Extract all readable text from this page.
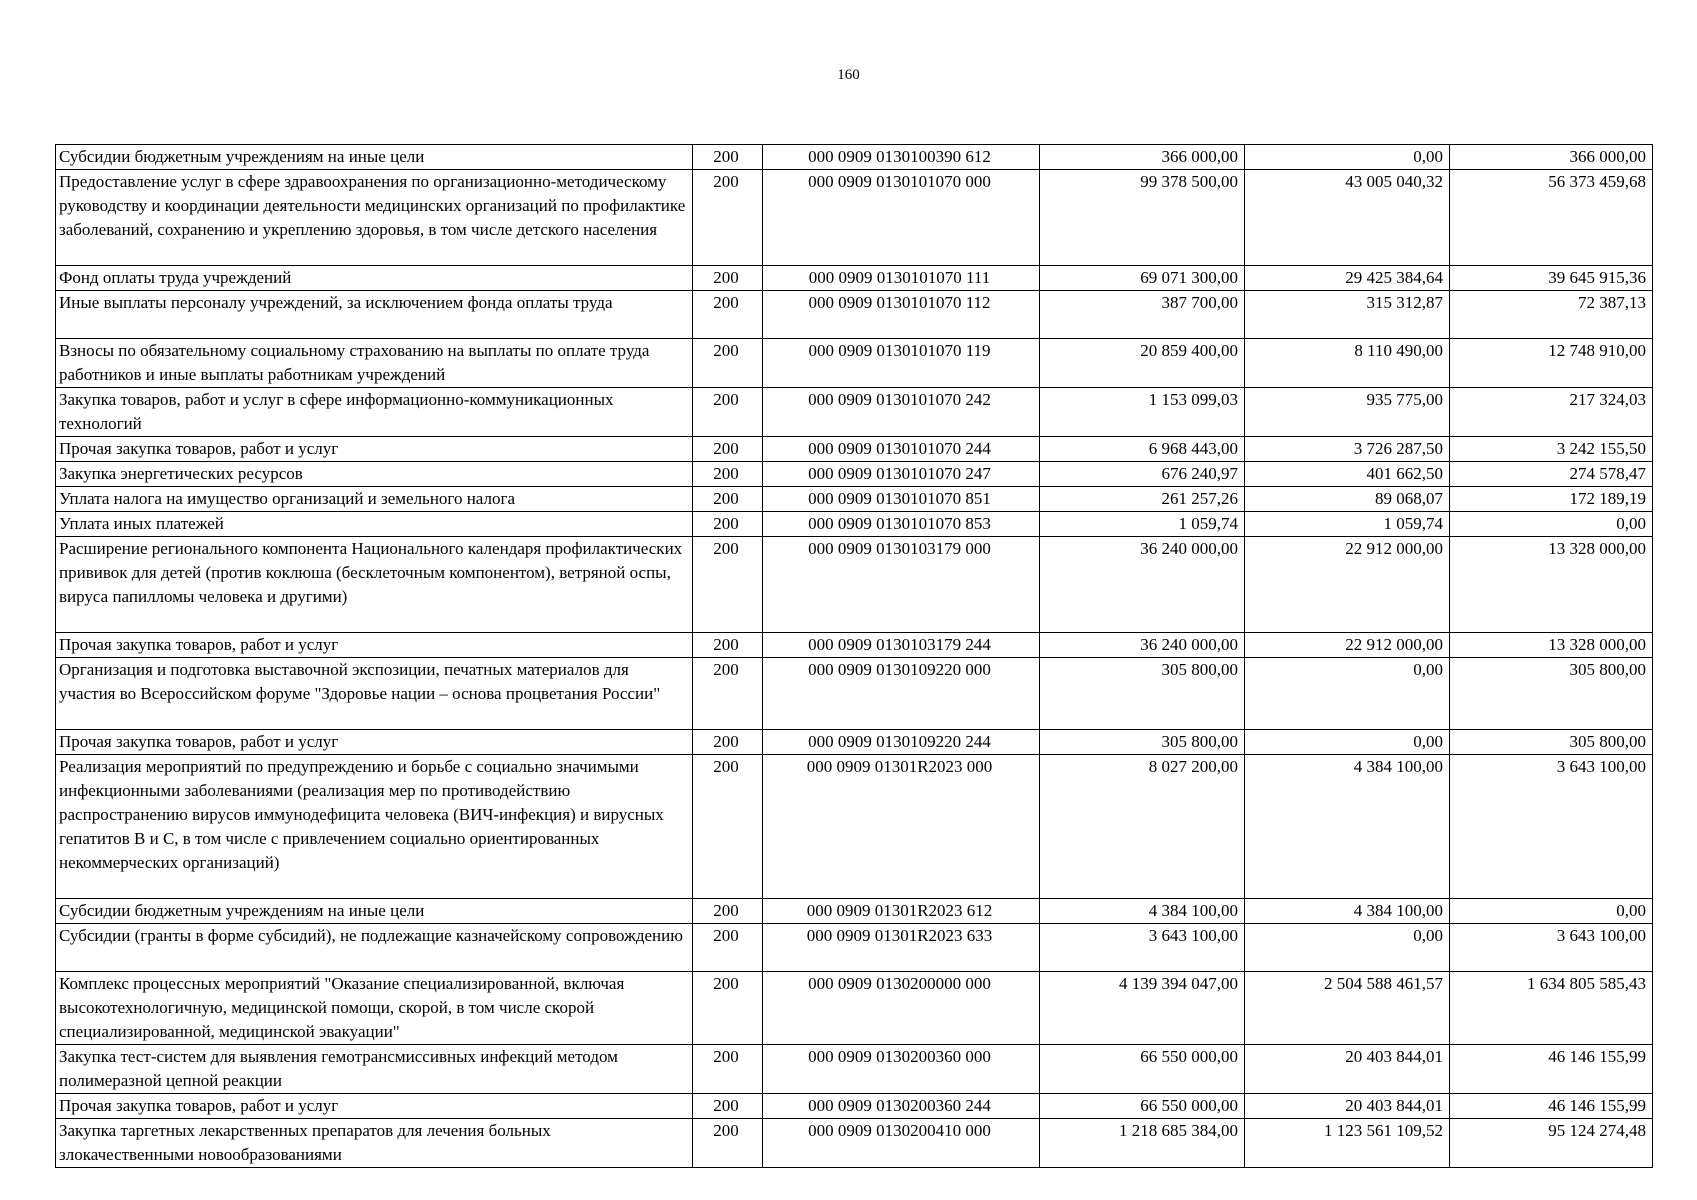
160
Субсидии бюджетным учреждениям на иные цели	200	000 0909 0130100390 612	366 000,00	0,00	366 000,00
Предоставление услуг в сфере здравоохранения по организационно-методическому руководству и координации деятельности медицинских организаций по профилактике заболеваний, сохранению и укреплению здоровья, в том числе детского населения	200	000 0909 0130101070 000	99 378 500,00	43 005 040,32	56 373 459,68
Фонд оплаты труда учреждений	200	000 0909 0130101070 111	69 071 300,00	29 425 384,64	39 645 915,36
Иные выплаты персоналу учреждений, за исключением фонда оплаты труда	200	000 0909 0130101070 112	387 700,00	315 312,87	72 387,13
Взносы по обязательному социальному страхованию на выплаты по оплате труда работников и иные выплаты работникам учреждений	200	000 0909 0130101070 119	20 859 400,00	8 110 490,00	12 748 910,00
Закупка товаров, работ и услуг в сфере информационно-коммуникационных технологий	200	000 0909 0130101070 242	1 153 099,03	935 775,00	217 324,03
Прочая закупка товаров, работ и услуг	200	000 0909 0130101070 244	6 968 443,00	3 726 287,50	3 242 155,50
Закупка энергетических ресурсов	200	000 0909 0130101070 247	676 240,97	401 662,50	274 578,47
Уплата налога на имущество организаций и земельного налога	200	000 0909 0130101070 851	261 257,26	89 068,07	172 189,19
Уплата иных платежей	200	000 0909 0130101070 853	1 059,74	1 059,74	0,00
Расширение регионального компонента Национального календаря профилактических прививок для детей (против коклюша (бесклеточным компонентом), ветряной оспы, вируса папилломы человека и другими)	200	000 0909 0130103179 000	36 240 000,00	22 912 000,00	13 328 000,00
Прочая закупка товаров, работ и услуг	200	000 0909 0130103179 244	36 240 000,00	22 912 000,00	13 328 000,00
Организация и подготовка выставочной экспозиции, печатных материалов для участия во Всероссийском форуме "Здоровье нации – основа процветания России"	200	000 0909 0130109220 000	305 800,00	0,00	305 800,00
Прочая закупка товаров, работ и услуг	200	000 0909 0130109220 244	305 800,00	0,00	305 800,00
Реализация мероприятий по предупреждению и борьбе с социально значимыми инфекционными заболеваниями (реализация мер по противодействию распространению вирусов иммунодефицита человека (ВИЧ-инфекция) и вирусных гепатитов B и C, в том числе с привлечением социально ориентированных некоммерческих организаций)	200	000 0909 01301R2023 000	8 027 200,00	4 384 100,00	3 643 100,00
Субсидии бюджетным учреждениям на иные цели	200	000 0909 01301R2023 612	4 384 100,00	4 384 100,00	0,00
Субсидии (гранты в форме субсидий), не подлежащие казначейскому сопровождению	200	000 0909 01301R2023 633	3 643 100,00	0,00	3 643 100,00
Комплекс процессных мероприятий "Оказание специализированной, включая высокотехнологичную, медицинской помощи, скорой, в том числе скорой специализированной, медицинской эвакуации"	200	000 0909 0130200000 000	4 139 394 047,00	2 504 588 461,57	1 634 805 585,43
Закупка тест-систем для выявления гемотрансмиссивных инфекций методом полимеразной цепной реакции	200	000 0909 0130200360 000	66 550 000,00	20 403 844,01	46 146 155,99
Прочая закупка товаров, работ и услуг	200	000 0909 0130200360 244	66 550 000,00	20 403 844,01	46 146 155,99
Закупка таргетных лекарственных препаратов для лечения больных злокачественными новообразованиями	200	000 0909 0130200410 000	1 218 685 384,00	1 123 561 109,52	95 124 274,48
